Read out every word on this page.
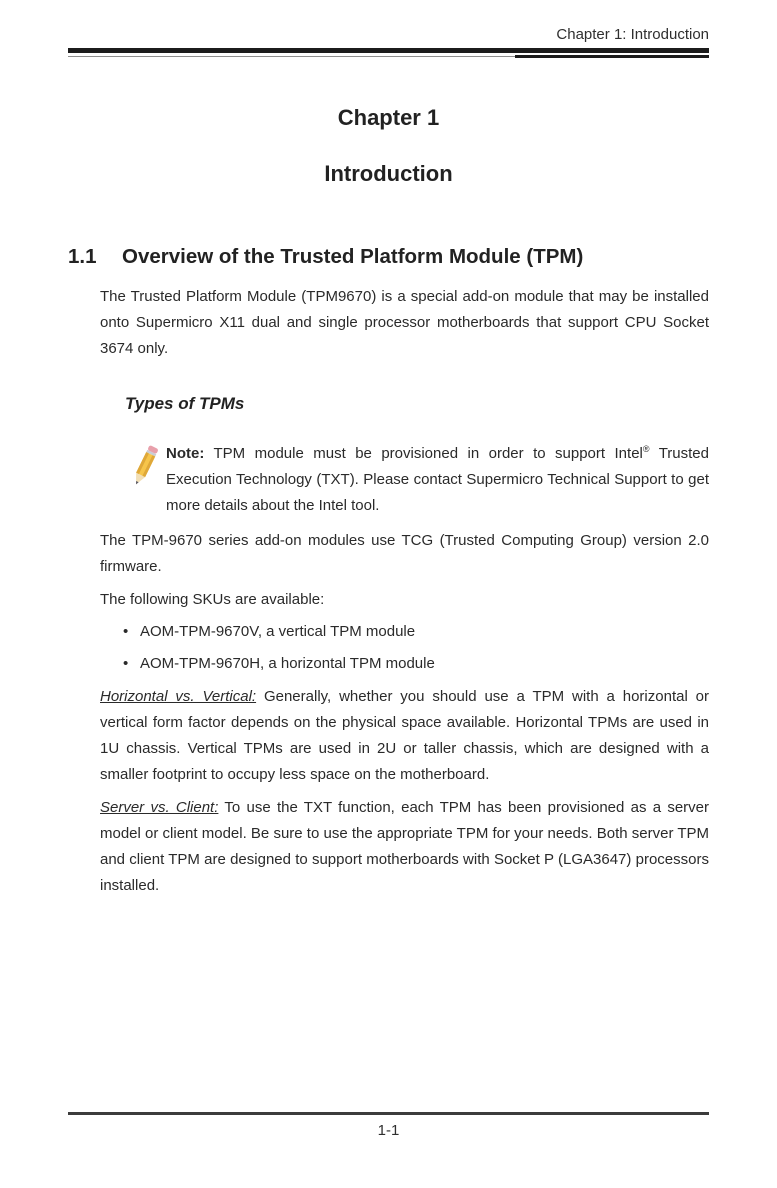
Chapter 1: Introduction
Chapter 1
Introduction
1.1	Overview of the Trusted Platform Module (TPM)

The Trusted Platform Module (TPM9670) is a special add-on module that may be installed onto Supermicro X11 dual and single processor motherboards that support CPU Socket 3674 only.

Types of TPMs
Note: TPM module must be provisioned in order to support Intel® Trusted Execution Technology (TXT). Please contact Supermicro Technical Support to get more details about the Intel tool.

The TPM-9670 series add-on modules use TCG (Trusted Computing Group) version 2.0 firmware.

The following SKUs are available:

• AOM-TPM-9670V, a vertical TPM module
• AOM-TPM-9670H, a horizontal TPM module

Horizontal vs. Vertical: Generally, whether you should use a TPM with a horizontal or vertical form factor depends on the physical space available. Horizontal TPMs are used in 1U chassis. Vertical TPMs are used in 2U or taller chassis, which are designed with a smaller footprint to occupy less space on the motherboard.

Server vs. Client: To use the TXT function, each TPM has been provisioned as a server model or client model. Be sure to use the appropriate TPM for your needs. Both server TPM and client TPM are designed to support motherboards with Socket P (LGA3647) processors installed.

1-1
